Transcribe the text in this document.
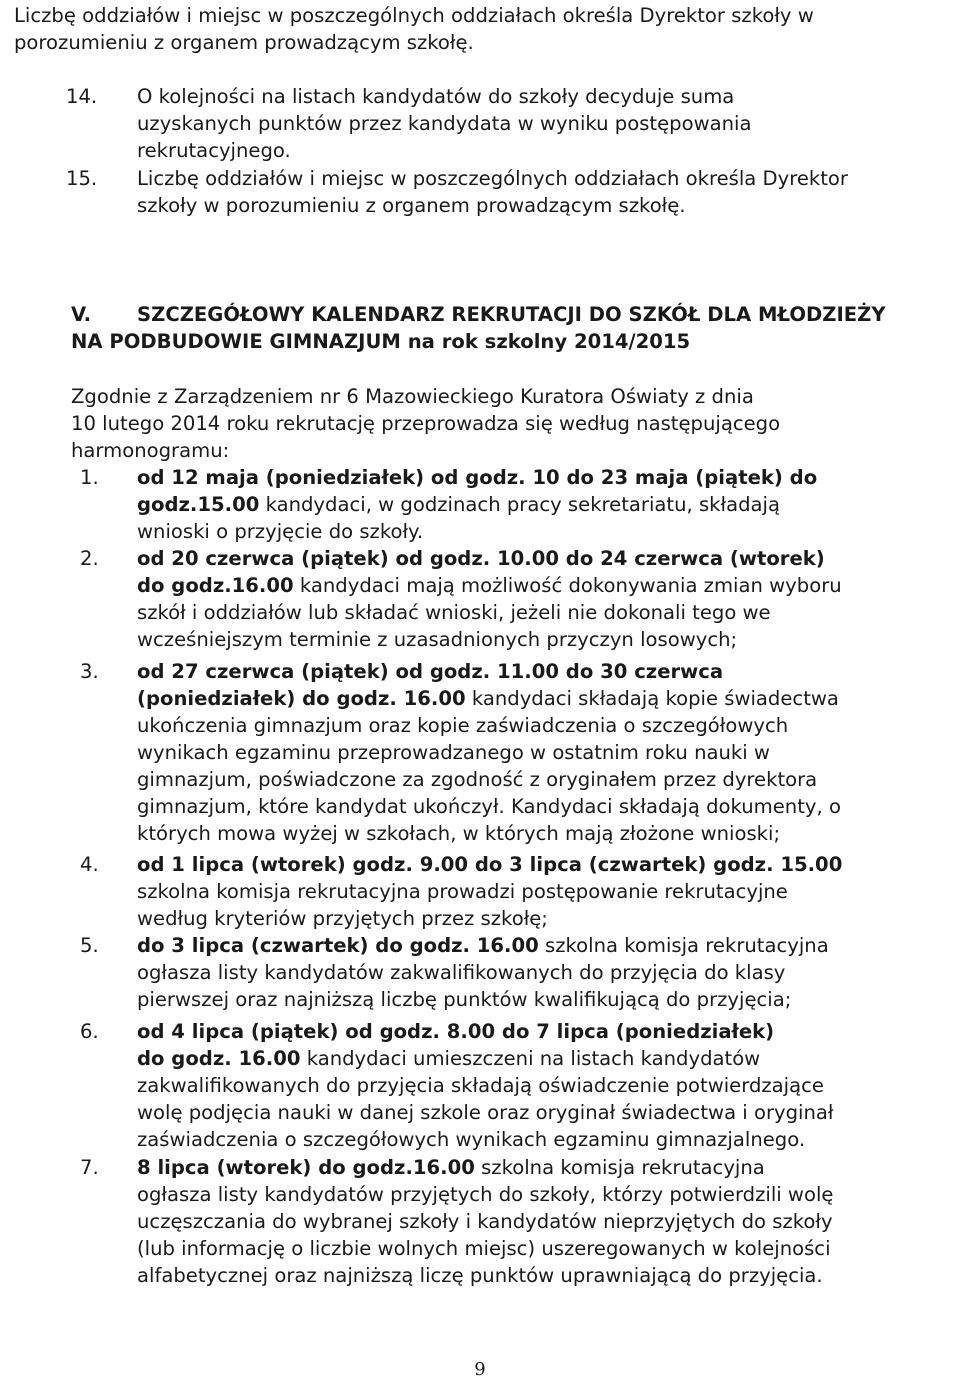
Liczbę oddziałów i miejsc w poszczególnych oddziałach określa Dyrektor szkoły w
porozumieniu z organem prowadzącym szkołę.
14. O kolejności na listach kandydatów do szkoły decyduje suma
uzyskanych punktów przez kandydata w wyniku postępowania
rekrutacyjnego.
15. Liczbę oddziałów i miejsc w poszczególnych oddziałach określa Dyrektor
szkoły w porozumieniu z organem prowadzącym szkołę.
V. SZCZEGÓŁOWY KALENDARZ REKRUTACJI DO SZKÓŁ DLA MŁODZIEŻY
NA PODBUDOWIE GIMNAZJUM na rok szkolny 2014/2015
Zgodnie z Zarządzeniem nr 6 Mazowieckiego Kuratora Oświaty z dnia
10 lutego 2014 roku rekrutację przeprowadza się według następującego
harmonogramu:
1. od 12 maja (poniedziałek) od godz. 10 do 23 maja (piątek) do
godz.15.00 kandydaci, w godzinach pracy sekretariatu, składają
wnioski o przyjęcie do szkoły.
2. od 20 czerwca (piątek) od godz. 10.00 do 24 czerwca (wtorek)
do godz.16.00 kandydaci mają możliwość dokonywania zmian wyboru
szkół i oddziałów lub składać wnioski, jeżeli nie dokonali tego we
wcześniejszym terminie z uzasadnionych przyczyn losowych;
3. od 27 czerwca (piątek) od godz. 11.00 do 30 czerwca
(poniedziałek) do godz. 16.00 kandydaci składają kopie świadectwa
ukończenia gimnazjum oraz kopie zaświadczenia o szczegółowych
wynikach egzaminu przeprowadzanego w ostatnim roku nauki w
gimnazjum, poświadczone za zgodność z oryginałem przez dyrektora
gimnazjum, które kandydat ukończył. Kandydaci składają dokumenty, o
których mowa wyżej w szkołach, w których mają złożone wnioski;
4. od 1 lipca (wtorek) godz. 9.00 do 3 lipca (czwartek) godz. 15.00
szkolna komisja rekrutacyjna prowadzi postępowanie rekrutacyjne
według kryteriów przyjętych przez szkołę;
5. do 3 lipca (czwartek) do godz. 16.00 szkolna komisja rekrutacyjna
ogłasza listy kandydatów zakwalifikowanych do przyjęcia do klasy
pierwszej oraz najniższą liczbę punktów kwalifikującą do przyjęcia;
6. od 4 lipca (piątek) od godz. 8.00 do 7 lipca (poniedziałek)
do godz. 16.00 kandydaci umieszczeni na listach kandydatów
zakwalifikowanych do przyjęcia składają oświadczenie potwierdzające
wolę podjęcia nauki w danej szkole oraz oryginał świadectwa i oryginał
zaświadczenia o szczegółowych wynikach egzaminu gimnazjalnego.
7. 8 lipca (wtorek) do godz.16.00 szkolna komisja rekrutacyjna
ogłasza listy kandydatów przyjętych do szkoły, którzy potwierdzili wolę
uczęszczania do wybranej szkoły i kandydatów nieprzyjętych do szkoły
(lub informację o liczbie wolnych miejsc) uszeregowanych w kolejności
alfabetycznej oraz najniższą liczę punktów uprawniającą do przyjęcia.
9
